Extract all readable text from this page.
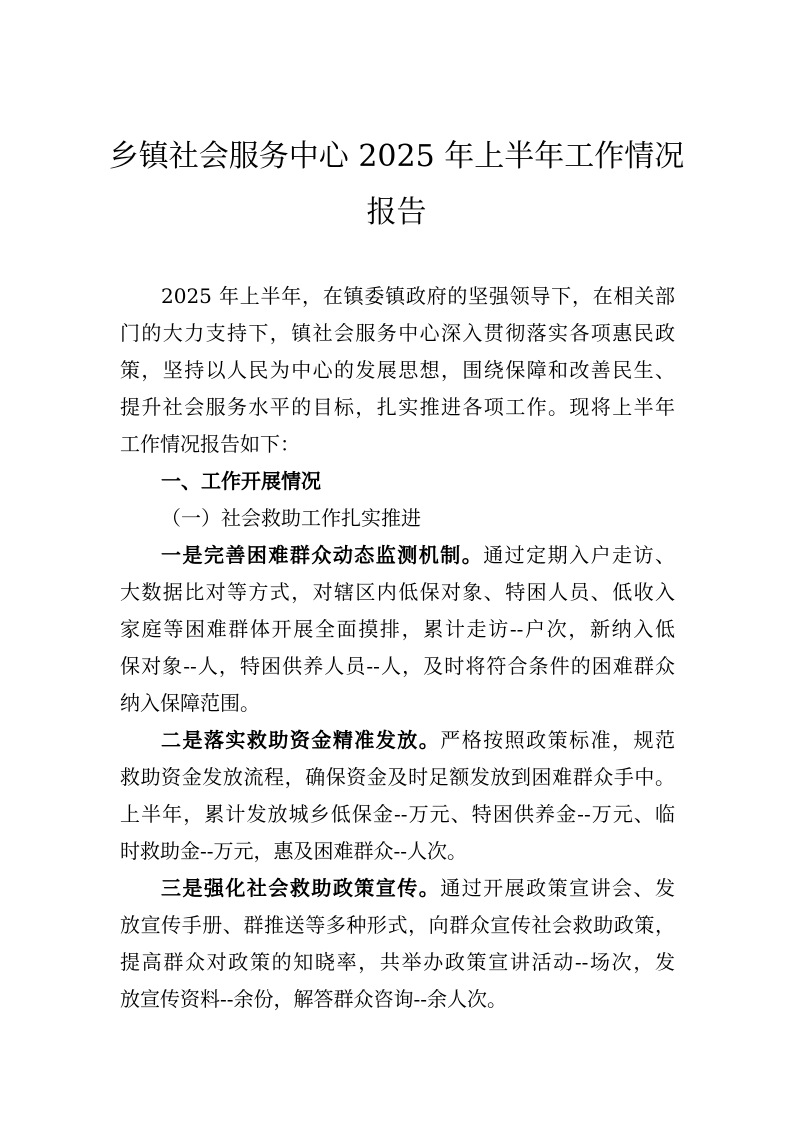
乡镇社会服务中心 2025 年上半年工作情况
报告
2025 年上半年，在镇委镇政府的坚强领导下，在相关部
门的大力支持下，镇社会服务中心深入贯彻落实各项惠民政
策，坚持以人民为中心的发展思想，围绕保障和改善民生、
提升社会服务水平的目标，扎实推进各项工作。现将上半年
工作情况报告如下：
一、工作开展情况
（一）社会救助工作扎实推进
一是完善困难群众动态监测机制。通过定期入户走访、
大数据比对等方式，对辖区内低保对象、特困人员、低收入
家庭等困难群体开展全面摸排，累计走访--户次，新纳入低
保对象--人，特困供养人员--人，及时将符合条件的困难群众
纳入保障范围。
二是落实救助资金精准发放。严格按照政策标准，规范
救助资金发放流程，确保资金及时足额发放到困难群众手中。
上半年，累计发放城乡低保金--万元、特困供养金--万元、临
时救助金--万元，惠及困难群众--人次。
三是强化社会救助政策宣传。通过开展政策宣讲会、发
放宣传手册、群推送等多种形式，向群众宣传社会救助政策，
提高群众对政策的知晓率，共举办政策宣讲活动--场次，发
放宣传资料--余份，解答群众咨询--余人次。
